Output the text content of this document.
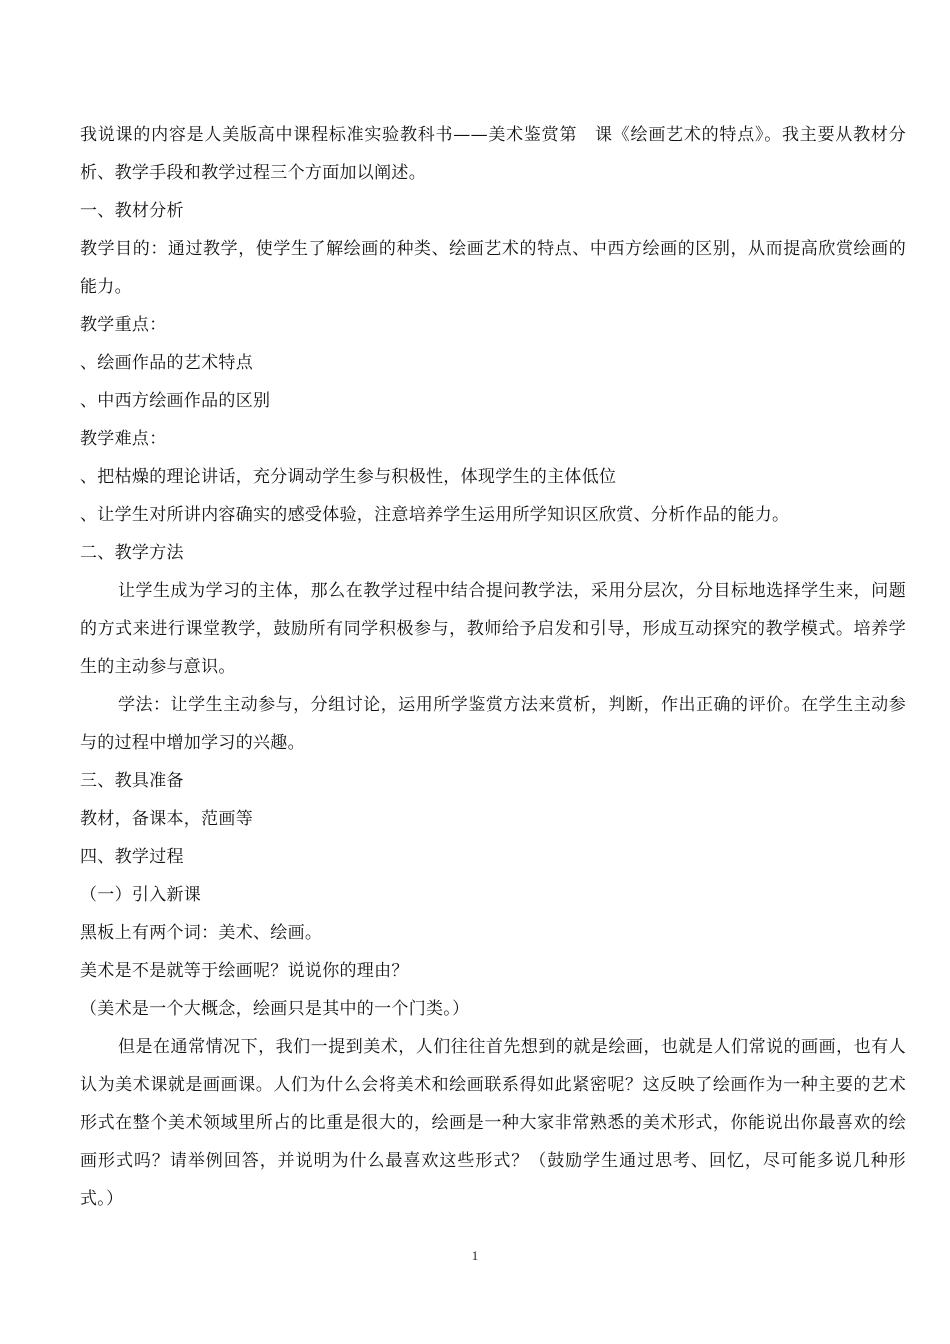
我说课的内容是人美版高中课程标准实验教科书——美术鉴赏第　课《绘画艺术的特点》。我主要从教材分析、教学手段和教学过程三个方面加以阐述。

一、教材分析

教学目的：通过教学，使学生了解绘画的种类、绘画艺术的特点、中西方绘画的区别，从而提高欣赏绘画的能力。

教学重点：

、绘画作品的艺术特点

、中西方绘画作品的区别

教学难点：

、把枯燥的理论讲话，充分调动学生参与积极性，体现学生的主体低位

、让学生对所讲内容确实的感受体验，注意培养学生运用所学知识区欣赏、分析作品的能力。

二、教学方法

让学生成为学习的主体，那么在教学过程中结合提问教学法，采用分层次，分目标地选择学生来，问题的方式来进行课堂教学，鼓励所有同学积极参与，教师给予启发和引导，形成互动探究的教学模式。培养学生的主动参与意识。

学法：让学生主动参与，分组讨论，运用所学鉴赏方法来赏析，判断，作出正确的评价。在学生主动参与的过程中增加学习的兴趣。

三、教具准备

教材，备课本，范画等

四、教学过程

（一）引入新课

黑板上有两个词：美术、绘画。

美术是不是就等于绘画呢？说说你的理由？

（美术是一个大概念，绘画只是其中的一个门类。）

但是在通常情况下，我们一提到美术，人们往往首先想到的就是绘画，也就是人们常说的画画，也有人认为美术课就是画画课。人们为什么会将美术和绘画联系得如此紧密呢？这反映了绘画作为一种主要的艺术形式在整个美术领域里所占的比重是很大的，绘画是一种大家非常熟悉的美术形式，你能说出你最喜欢的绘画形式吗？请举例回答，并说明为什么最喜欢这些形式？（鼓励学生通过思考、回忆，尽可能多说几种形式。）

1
